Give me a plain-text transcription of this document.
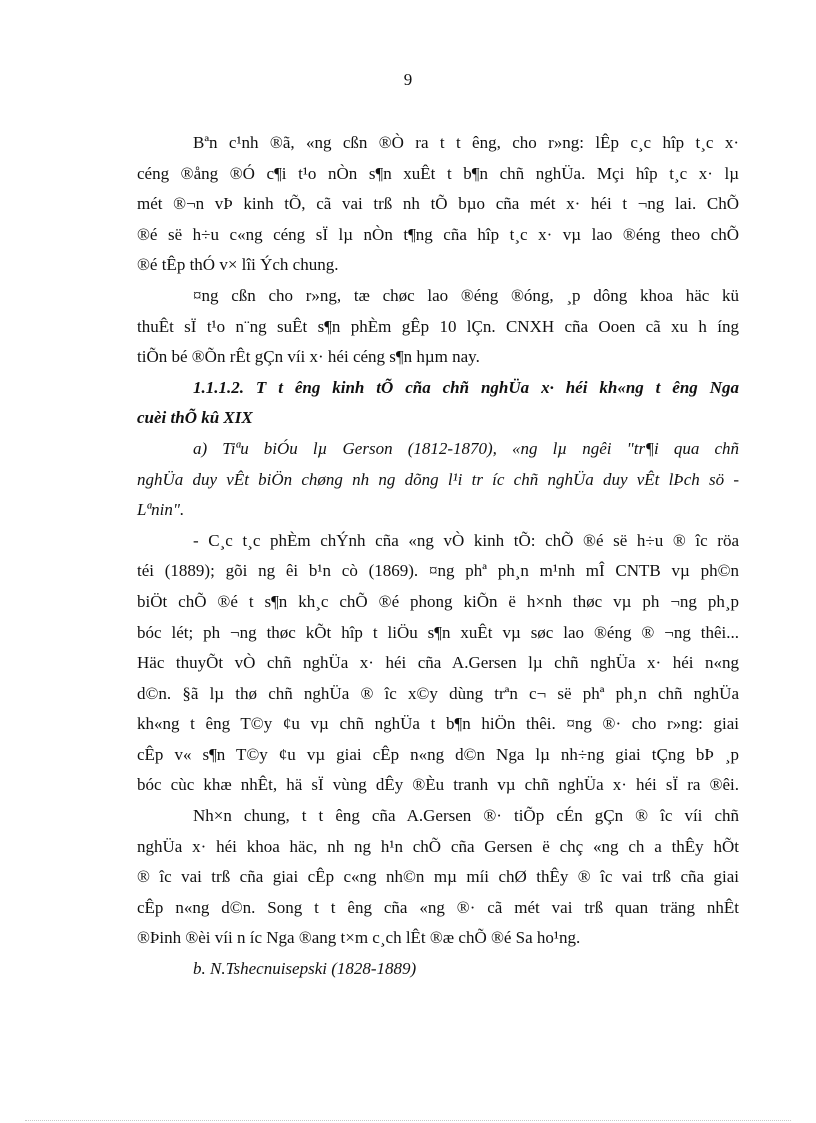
9
Bªn c¹nh ®ã, «ng cßn ®Ò ra t t êng, cho r»ng: lÊp c¸c hîp t¸c x·
céng ®ång ®Ó c¶i t¹o nÒn s¶n xuÊt t b¶n chñ nghÜa. Mçi hîp t¸c x· lµ
mét ®¬n vÞ kinh tÕ, cã vai trß nh tÕ bµo cña mét x· héi t ¬ng lai. ChÕ
®é së h÷u c«ng céng sÏ lµ nÒn t¶ng cña hîp t¸c x· vµ lao ®éng theo chÕ
®é tÊp thÓ v× lîi Ých chung.
¤ng cßn cho r»ng, tæ chøc lao ®éng ®óng, ¸p dông khoa häc kü
thuÊt sÏ t¹o n¨ng suÊt s¶n phÈm gÊp 10 lÇn. CNXH cña Ooen cã xu h íng
tiÕn bé ®Õn rÊt gÇn víi x· héi céng s¶n hµm nay.
1.1.1.2. T t êng kinh tÕ cña chñ nghÜa x· héi kh«ng t êng Nga
cuèi thÕ kû XIX
a) Tiªu biÓu lµ Gerson (1812-1870), «ng lµ ngêi "tr¶i qua chñ
nghÜa duy vÊt biÖn chøng nh ng dõng l¹i tr íc chñ nghÜa duy vÊt lÞch sö -
Lªnin".
- C¸c t¸c phÈm chÝnh cña «ng vÒ kinh tÕ: chÕ ®é së h÷u ® îc röa
téi (1889); gõi ng êi b¹n cò (1869). ¤ng phª ph¸n m¹nh mÎ CNTB vµ ph©n
biÖt chÕ ®é t s¶n kh¸c chÕ ®é phong kiÕn ë h×nh thøc vµ ph ¬ng ph¸p
bóc lét; ph ¬ng thøc kÕt hîp t liÖu s¶n xuÊt vµ søc lao ®éng ® ¬ng thêi...
Häc thuyÕt vÒ chñ nghÜa x· héi cña A.Gersen lµ chñ nghÜa x· héi n«ng
d©n. §ã lµ thø chñ nghÜa ® îc x©y dùng trªn c¬ së phª ph¸n chñ nghÜa
kh«ng t êng T©y ¢u vµ chñ nghÜa t b¶n hiÖn thêi. ¤ng ®· cho r»ng: giai
cÊp v« s¶n T©y ¢u vµ giai cÊp n«ng d©n Nga lµ nh÷ng giai tÇng bÞ ¸p
bóc cùc khæ nhÊt, hä sÏ vùng dÊy ®Èu tranh vµ chñ nghÜa x· héi sÏ ra ®êi.
Nh×n chung, t t êng cña A.Gersen ®· tiÕp cÉn gÇn ® îc víi chñ
nghÜa x· héi khoa häc, nh ng h¹n chÕ cña Gersen ë chç «ng ch a thÊy hÕt
® îc vai trß cña giai cÊp c«ng nh©n mµ míi chØ thÊy ® îc vai trß cña giai
cÊp n«ng d©n. Song t t êng cña «ng ®· cã mét vai trß quan träng nhÊt
®Þinh ®èi víi n íc Nga ®ang t×m c¸ch lÊt ®æ chÕ ®é Sa ho¹ng.
b. N.Tshecnuisepski (1828-1889)
